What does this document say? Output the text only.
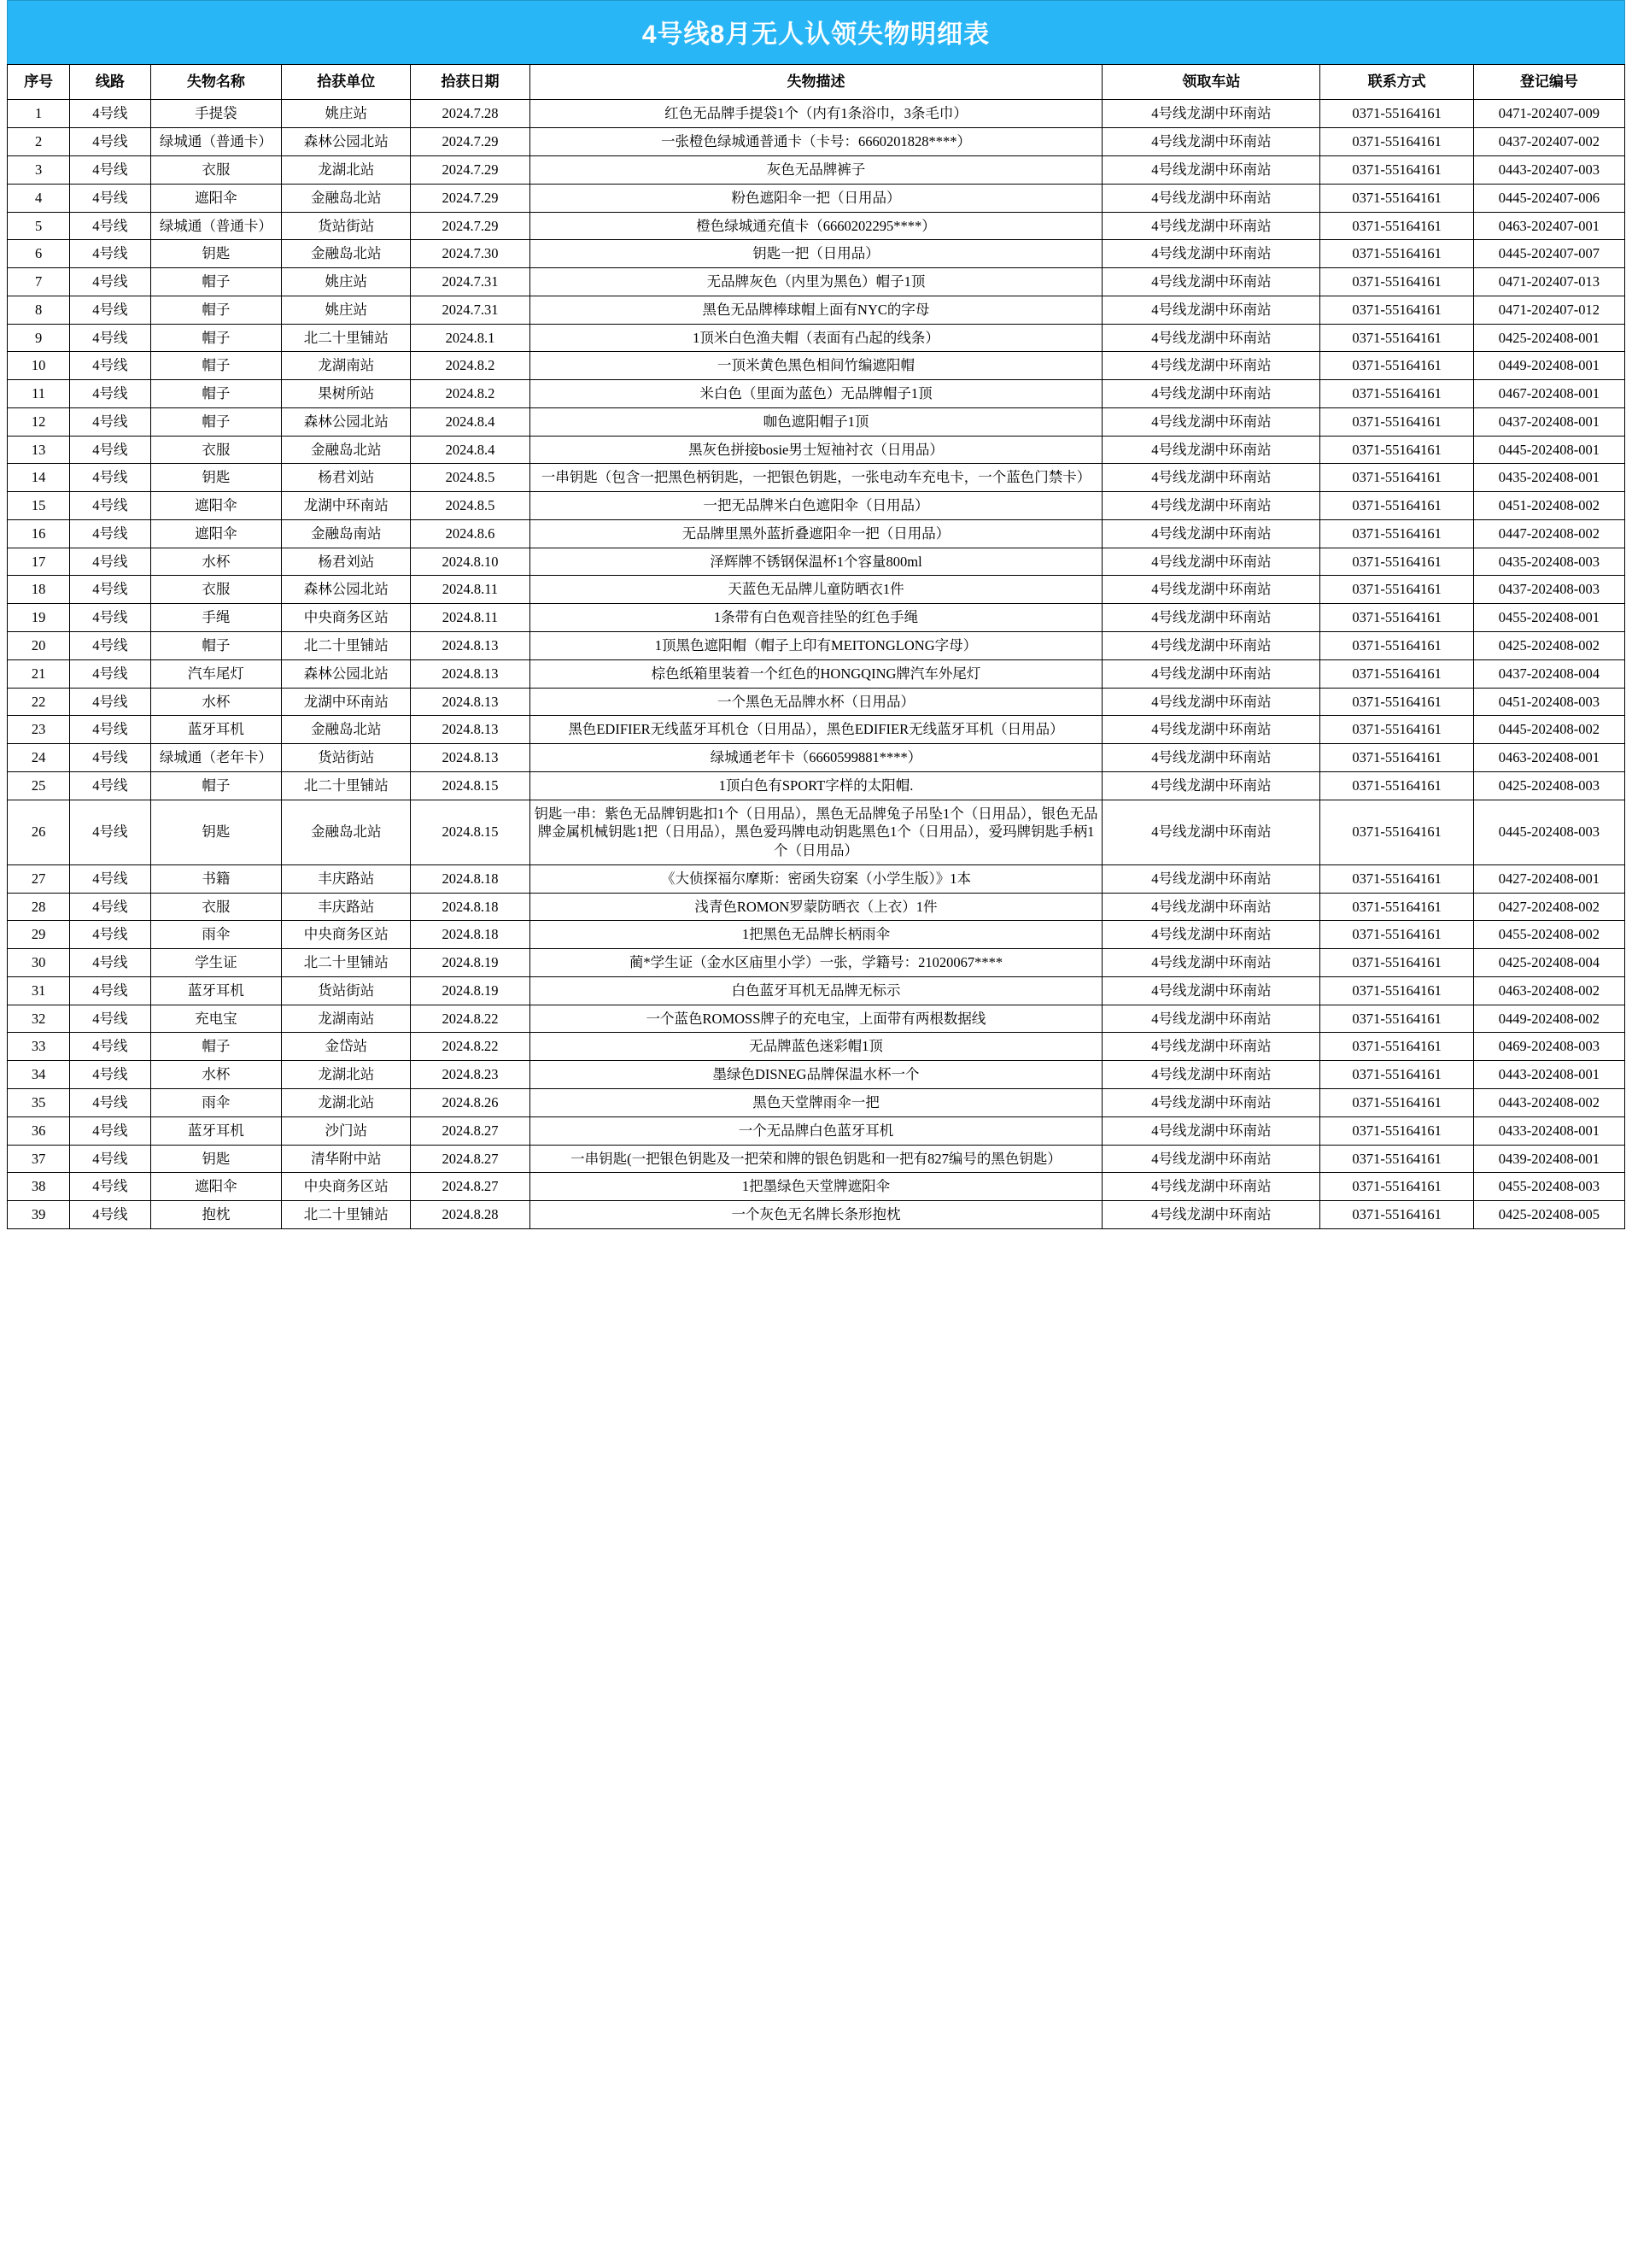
4号线8月无人认领失物明细表
序号	线路	失物名称	拾获单位	拾获日期	失物描述	领取车站	联系方式	登记编号
1	4号线	手提袋	姚庄站	2024.7.28	红色无品牌手提袋1个（内有1条浴巾，3条毛巾）	4号线龙湖中环南站	0371-55164161	0471-202407-009
2	4号线	绿城通（普通卡）	森林公园北站	2024.7.29	一张橙色绿城通普通卡（卡号：6660201828****）	4号线龙湖中环南站	0371-55164161	0437-202407-002
3	4号线	衣服	龙湖北站	2024.7.29	灰色无品牌裤子	4号线龙湖中环南站	0371-55164161	0443-202407-003
4	4号线	遮阳伞	金融岛北站	2024.7.29	粉色遮阳伞一把（日用品）	4号线龙湖中环南站	0371-55164161	0445-202407-006
5	4号线	绿城通（普通卡）	货站街站	2024.7.29	橙色绿城通充值卡（6660202295****）	4号线龙湖中环南站	0371-55164161	0463-202407-001
6	4号线	钥匙	金融岛北站	2024.7.30	钥匙一把（日用品）	4号线龙湖中环南站	0371-55164161	0445-202407-007
7	4号线	帽子	姚庄站	2024.7.31	无品牌灰色（内里为黑色）帽子1顶	4号线龙湖中环南站	0371-55164161	0471-202407-013
8	4号线	帽子	姚庄站	2024.7.31	黑色无品牌棒球帽上面有NYC的字母	4号线龙湖中环南站	0371-55164161	0471-202407-012
9	4号线	帽子	北二十里铺站	2024.8.1	1顶米白色渔夫帽（表面有凸起的线条）	4号线龙湖中环南站	0371-55164161	0425-202408-001
10	4号线	帽子	龙湖南站	2024.8.2	一顶米黄色黑色相间竹编遮阳帽	4号线龙湖中环南站	0371-55164161	0449-202408-001
11	4号线	帽子	果树所站	2024.8.2	米白色（里面为蓝色）无品牌帽子1顶	4号线龙湖中环南站	0371-55164161	0467-202408-001
12	4号线	帽子	森林公园北站	2024.8.4	咖色遮阳帽子1顶	4号线龙湖中环南站	0371-55164161	0437-202408-001
13	4号线	衣服	金融岛北站	2024.8.4	黑灰色拼接bosie男士短袖衬衣（日用品）	4号线龙湖中环南站	0371-55164161	0445-202408-001
14	4号线	钥匙	杨君刘站	2024.8.5	一串钥匙（包含一把黑色柄钥匙，一把银色钥匙，一张电动车充电卡，一个蓝色门禁卡）	4号线龙湖中环南站	0371-55164161	0435-202408-001
15	4号线	遮阳伞	龙湖中环南站	2024.8.5	一把无品牌米白色遮阳伞（日用品）	4号线龙湖中环南站	0371-55164161	0451-202408-002
16	4号线	遮阳伞	金融岛南站	2024.8.6	无品牌里黑外蓝折叠遮阳伞一把（日用品）	4号线龙湖中环南站	0371-55164161	0447-202408-002
17	4号线	水杯	杨君刘站	2024.8.10	泽辉牌不锈钢保温杯1个容量800ml	4号线龙湖中环南站	0371-55164161	0435-202408-003
18	4号线	衣服	森林公园北站	2024.8.11	天蓝色无品牌儿童防晒衣1件	4号线龙湖中环南站	0371-55164161	0437-202408-003
19	4号线	手绳	中央商务区站	2024.8.11	1条带有白色观音挂坠的红色手绳	4号线龙湖中环南站	0371-55164161	0455-202408-001
20	4号线	帽子	北二十里铺站	2024.8.13	1顶黑色遮阳帽（帽子上印有MEITONGLONG字母）	4号线龙湖中环南站	0371-55164161	0425-202408-002
21	4号线	汽车尾灯	森林公园北站	2024.8.13	棕色纸箱里装着一个红色的HONGQING牌汽车外尾灯	4号线龙湖中环南站	0371-55164161	0437-202408-004
22	4号线	水杯	龙湖中环南站	2024.8.13	一个黑色无品牌水杯（日用品）	4号线龙湖中环南站	0371-55164161	0451-202408-003
23	4号线	蓝牙耳机	金融岛北站	2024.8.13	黑色EDIFIER无线蓝牙耳机仓（日用品），黑色EDIFIER无线蓝牙耳机（日用品）	4号线龙湖中环南站	0371-55164161	0445-202408-002
24	4号线	绿城通（老年卡）	货站街站	2024.8.13	绿城通老年卡（6660599881****）	4号线龙湖中环南站	0371-55164161	0463-202408-001
25	4号线	帽子	北二十里铺站	2024.8.15	1顶白色有SPORT字样的太阳帽.	4号线龙湖中环南站	0371-55164161	0425-202408-003
26	4号线	钥匙	金融岛北站	2024.8.15	钥匙一串：紫色无品牌钥匙扣1个（日用品），黑色无品牌兔子吊坠1个（日用品），银色无品牌金属机械钥匙1把（日用品），黑色爱玛牌电动钥匙黑色1个（日用品），爱玛牌钥匙手柄1个（日用品）	4号线龙湖中环南站	0371-55164161	0445-202408-003
27	4号线	书籍	丰庆路站	2024.8.18	《大侦探福尔摩斯：密函失窃案（小学生版）》1本	4号线龙湖中环南站	0371-55164161	0427-202408-001
28	4号线	衣服	丰庆路站	2024.8.18	浅青色ROMON罗蒙防晒衣（上衣）1件	4号线龙湖中环南站	0371-55164161	0427-202408-002
29	4号线	雨伞	中央商务区站	2024.8.18	1把黑色无品牌长柄雨伞	4号线龙湖中环南站	0371-55164161	0455-202408-002
30	4号线	学生证	北二十里铺站	2024.8.19	蔺*学生证（金水区庙里小学）一张，学籍号：21020067****	4号线龙湖中环南站	0371-55164161	0425-202408-004
31	4号线	蓝牙耳机	货站街站	2024.8.19	白色蓝牙耳机无品牌无标示	4号线龙湖中环南站	0371-55164161	0463-202408-002
32	4号线	充电宝	龙湖南站	2024.8.22	一个蓝色ROMOSS牌子的充电宝，上面带有两根数据线	4号线龙湖中环南站	0371-55164161	0449-202408-002
33	4号线	帽子	金岱站	2024.8.22	无品牌蓝色迷彩帽1顶	4号线龙湖中环南站	0371-55164161	0469-202408-003
34	4号线	水杯	龙湖北站	2024.8.23	墨绿色DISNEG品牌保温水杯一个	4号线龙湖中环南站	0371-55164161	0443-202408-001
35	4号线	雨伞	龙湖北站	2024.8.26	黑色天堂牌雨伞一把	4号线龙湖中环南站	0371-55164161	0443-202408-002
36	4号线	蓝牙耳机	沙门站	2024.8.27	一个无品牌白色蓝牙耳机	4号线龙湖中环南站	0371-55164161	0433-202408-001
37	4号线	钥匙	清华附中站	2024.8.27	一串钥匙(一把银色钥匙及一把荣和牌的银色钥匙和一把有827编号的黑色钥匙）	4号线龙湖中环南站	0371-55164161	0439-202408-001
38	4号线	遮阳伞	中央商务区站	2024.8.27	1把墨绿色天堂牌遮阳伞	4号线龙湖中环南站	0371-55164161	0455-202408-003
39	4号线	抱枕	北二十里铺站	2024.8.28	一个灰色无名牌长条形抱枕	4号线龙湖中环南站	0371-55164161	0425-202408-005
